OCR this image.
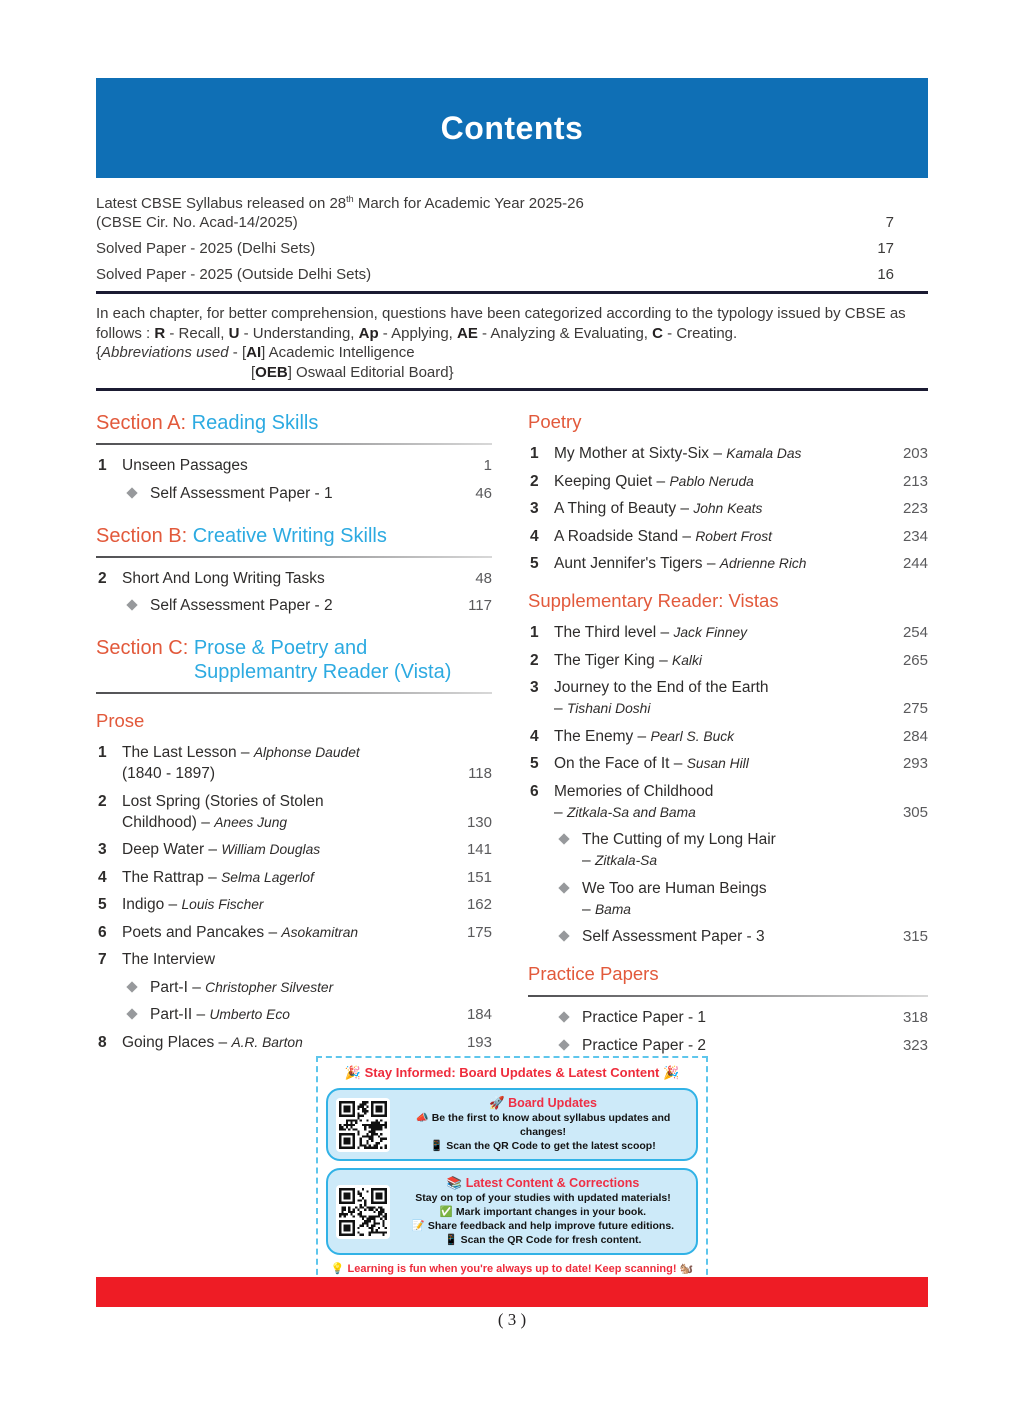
Contents
Latest CBSE Syllabus released on 28th March for Academic Year 2025-26
(CBSE Cir. No. Acad-14/2025)	7
Solved Paper - 2025 (Delhi Sets)	17
Solved Paper - 2025 (Outside Delhi Sets)	16
In each chapter, for better comprehension, questions have been categorized according to the typology issued by CBSE as follows : R - Recall, U - Understanding, Ap - Applying, AE - Analyzing & Evaluating, C - Creating.
{Abbreviations used - [AI] Academic Intelligence
[OEB] Oswaal Editorial Board}
Section A: Reading Skills
1 Unseen Passages	1
Self Assessment Paper - 1	46
Section B: Creative Writing Skills
2 Short And Long Writing Tasks	48
Self Assessment Paper - 2	117
Section C: Prose & Poetry and
Supplemantry Reader (Vista)
Prose
1 The Last Lesson – Alphonse Daudet
(1840 - 1897)	118
2 Lost Spring (Stories of Stolen
Childhood) – Anees Jung	130
3 Deep Water – William Douglas	141
4 The Rattrap – Selma Lagerlof	151
5 Indigo – Louis Fischer	162
6 Poets and Pancakes – Asokamitran	175
7 The Interview
Part-I – Christopher Silvester
Part-II – Umberto Eco	184
8 Going Places – A.R. Barton	193
Poetry
1 My Mother at Sixty-Six – Kamala Das	203
2 Keeping Quiet – Pablo Neruda	213
3 A Thing of Beauty – John Keats	223
4 A Roadside Stand – Robert Frost	234
5 Aunt Jennifer's Tigers – Adrienne Rich	244
Supplementary Reader: Vistas
1 The Third level – Jack Finney	254
2 The Tiger King – Kalki	265
3 Journey to the End of the Earth
– Tishani Doshi	275
4 The Enemy – Pearl S. Buck	284
5 On the Face of It – Susan Hill	293
6 Memories of Childhood
– Zitkala-Sa and Bama	305
The Cutting of my Long Hair
– Zitkala-Sa
We Too are Human Beings
– Bama
Self Assessment Paper - 3	315
Practice Papers
Practice Paper - 1	318
Practice Paper - 2	323
🎉 Stay Informed: Board Updates & Latest Content 🎉
🚀 Board Updates
📣 Be the first to know about syllabus updates and changes!
📱 Scan the QR Code to get the latest scoop!
📚 Latest Content & Corrections
Stay on top of your studies with updated materials!
✅ Mark important changes in your book.
📝 Share feedback and help improve future editions.
📱 Scan the QR Code for fresh content.
💡 Learning is fun when you're always up to date! Keep scanning! 🐿️
( 3 )
